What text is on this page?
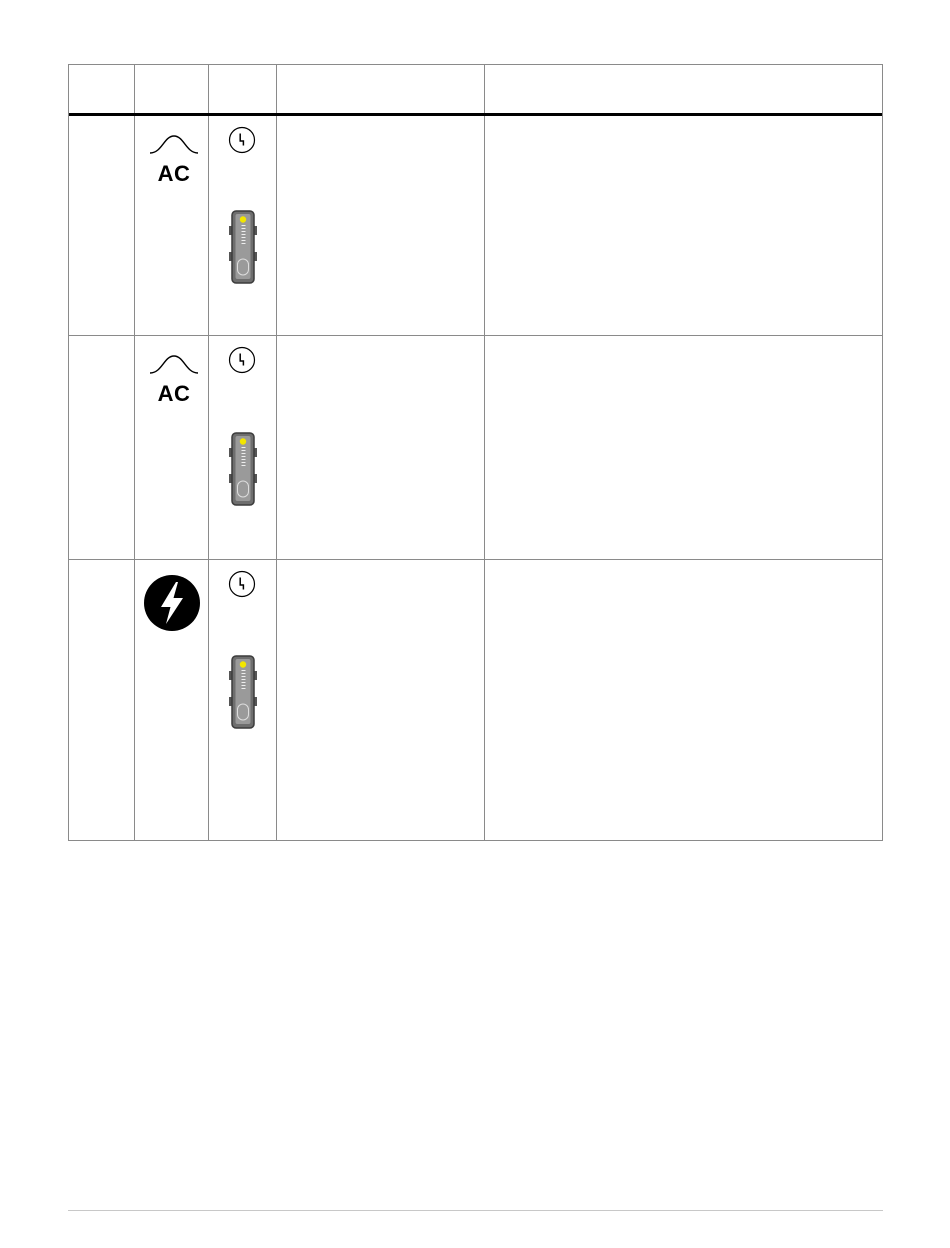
AC
AC
